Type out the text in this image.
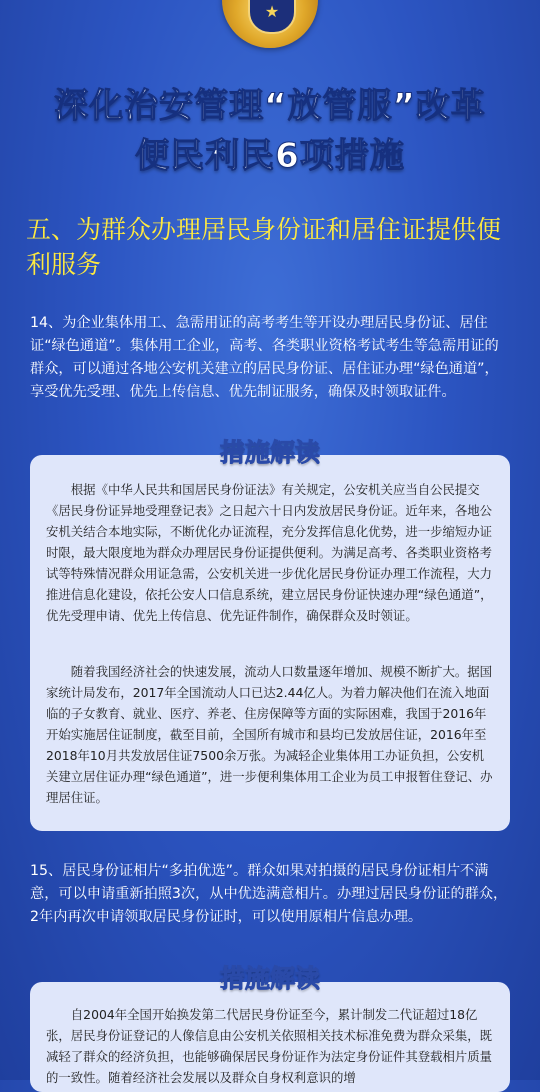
★
深化治安管理“放管服”改革
便民利民6项措施
五、为群众办理居民身份证和居住证提供便利服务
14、为企业集体用工、急需用证的高考考生等开设办理居民身份证、居住证“绿色通道”。集体用工企业，高考、各类职业资格考试考生等急需用证的群众，可以通过各地公安机关建立的居民身份证、居住证办理“绿色通道”，享受优先受理、优先上传信息、优先制证服务，确保及时领取证件。

根据《中华人民共和国居民身份证法》有关规定，公安机关应当自公民提交《居民身份证异地受理登记表》之日起六十日内发放居民身份证。近年来，各地公安机关结合本地实际，不断优化办证流程，充分发挥信息化优势，进一步缩短办证时限，最大限度地为群众办理居民身份证提供便利。为满足高考、各类职业资格考试等特殊情况群众用证急需，公安机关进一步优化居民身份证办理工作流程，大力推进信息化建设，依托公安人口信息系统，建立居民身份证快速办理“绿色通道”，优先受理申请、优先上传信息、优先证件制作，确保群众及时领证。

随着我国经济社会的快速发展，流动人口数量逐年增加、规模不断扩大。据国家统计局发布，2017年全国流动人口已达2.44亿人。为着力解决他们在流入地面临的子女教育、就业、医疗、养老、住房保障等方面的实际困难，我国于2016年开始实施居住证制度，截至目前，全国所有城市和县均已发放居住证，2016年至2018年10月共发放居住证7500余万张。为减轻企业集体用工办证负担，公安机关建立居住证办理“绿色通道”，进一步便利集体用工企业为员工申报暂住登记、办理居住证。

措施解读
15、居民身份证相片“多拍优选”。群众如果对拍摄的居民身份证相片不满意，可以申请重新拍照3次，从中优选满意相片。办理过居民身份证的群众，2年内再次申请领取居民身份证时，可以使用原相片信息办理。

自2004年全国开始换发第二代居民身份证至今，累计制发二代证超过18亿张，居民身份证登记的人像信息由公安机关依照相关技术标准免费为群众采集，既减轻了群众的经济负担，也能够确保居民身份证作为法定身份证件其登载相片质量的一致性。随着经济社会发展以及群众自身权利意识的增

措施解读
